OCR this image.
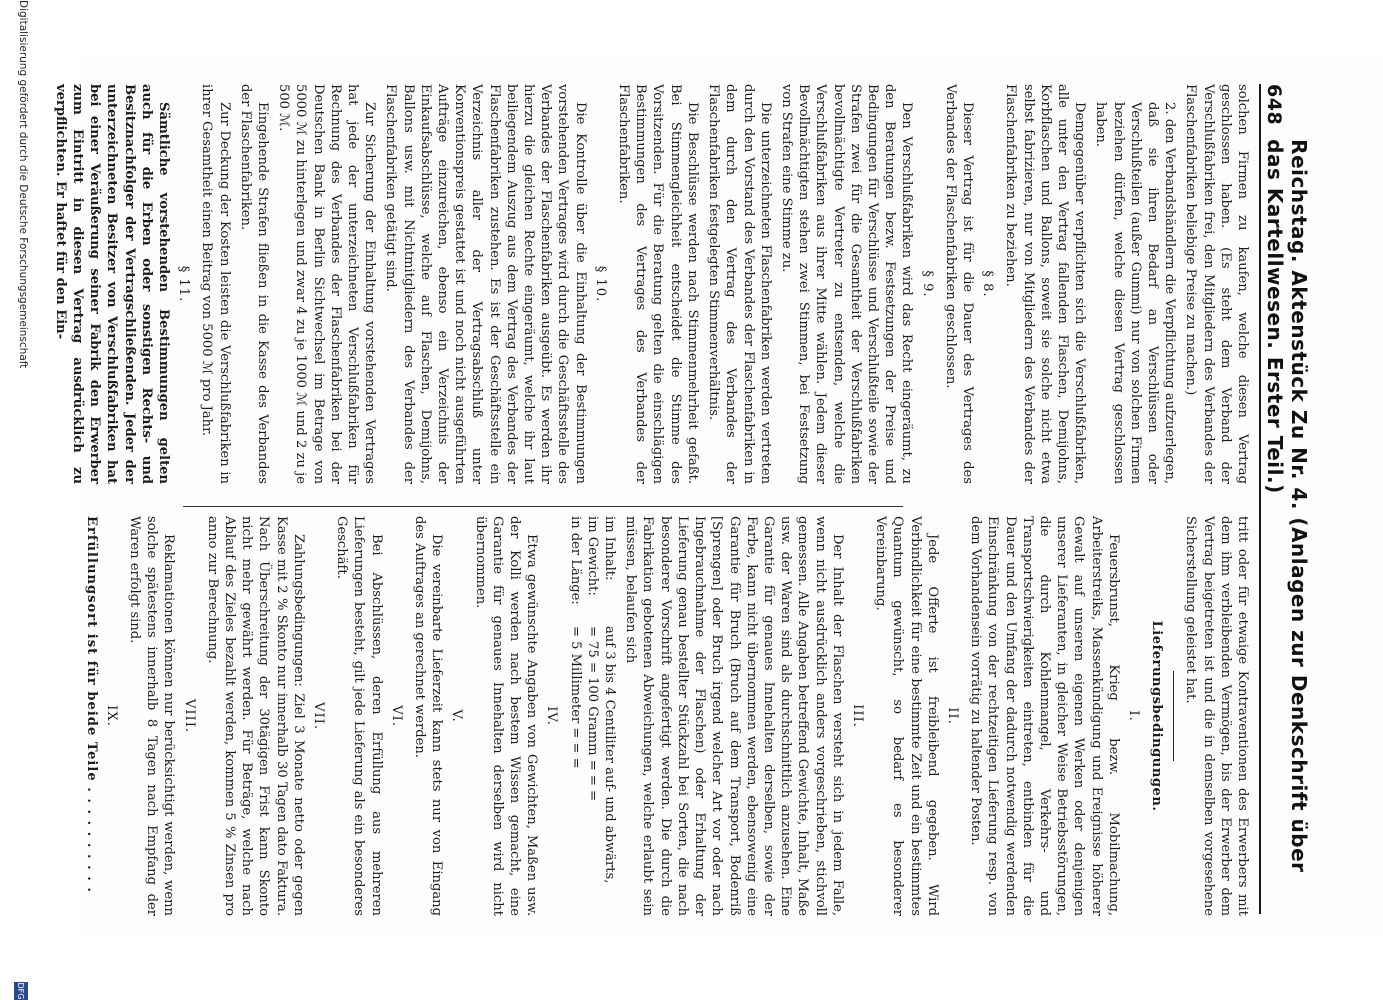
648
Reichstag. Aktenstück Zu Nr. 4. (Anlagen zur Denkschrift über das Kartellwesen. Erster Teil.)

solchen Firmen zu kaufen, welche diesen Vertrag geschlossen haben. (Es steht dem Verband der Verschlußfabriken frei, den Mitgliedern des Verbandes der Flaschenfabriken beliebige Preise zu machen.)

2. den Verbandshändlern die Verpflichtung aufzuerlegen, daß sie ihren Bedarf an Verschlüssen oder Verschlußteilen (außer Gummi) nur von solchen Firmen beziehen dürfen, welche diesen Vertrag geschlossen haben.

Demgegenüber verpflichten sich die Verschlußfabriken, alle unter den Vertrag fallenden Flaschen, Demijohns, Korbflaschen und Ballons, soweit sie solche nicht etwa selbst fabrizieren, nur von Mitgliedern des Verbandes der Flaschenfabriken zu beziehen.

§ 8.

Dieser Vertrag ist für die Dauer des Vertrages des Verbandes der Flaschenfabriken geschlossen.

§ 9.

Den Verschlußfabriken wird das Recht eingeräumt, zu den Beratungen bezw. Festsetzungen der Preise und Bedingungen für Verschlüsse und Verschlußteile sowie der Strafen zwei für die Gesamtheit der Verschlußfabriken bevollmächtigte Vertreter zu entsenden, welche die Verschlußfabriken aus ihrer Mitte wählen. Jedem dieser Bevollmächtigten stehen zwei Stimmen, bei Festsetzung von Strafen eine Stimme zu.

Die unterzeichneten Flaschenfabriken werden vertreten durch den Vorstand des Verbandes der Flaschenfabriken in dem durch den Vertrag des Verbandes der Flaschenfabriken festgelegten Stimmenverhältnis.

Die Beschlüsse werden nach Stimmenmehrheit gefaßt. Bei Stimmengleichheit entscheidet die Stimme des Vorsitzenden. Für die Beratung gelten die einschlägigen Bestimmungen des Vertrages des Verbandes der Flaschenfabriken.

§ 10.

Die Kontrolle über die Einhaltung der Bestimmungen vorstehenden Vertrages wird durch die Geschäftsstelle des Verbandes der Flaschenfabriken ausgeübt. Es werden ihr hierzu die gleichen Rechte eingeräumt, welche ihr laut beiliegendem Auszug aus dem Vertrag des Verbandes der Flaschenfabriken zustehen. Es ist der Geschäftsstelle ein Verzeichnis aller der Vertragsabschluß unter Konventionspreis gestattet ist und noch nicht ausgeführten Aufträge einzureichen, ebenso ein Verzeichnis der Einkaufsabschlüsse, welche auf Flaschen, Demijohns, Ballons usw. mit Nichtmitgliedern des Verbandes der Flaschenfabriken getätigt sind.

Zur Sicherung der Einhaltung vorstehenden Vertrages hat jede der unterzeichneten Verschlußfabriken für Rechnung des Verbandes der Flaschenfabriken bei der Deutschen Bank in Berlin Sichtwechsel im Betrage von 5000 ℳ zu hinterlegen und zwar 4 zu je 1000 ℳ und 2 zu je 500 ℳ.

Eingehende Strafen fließen in die Kasse des Verbandes der Flaschenfabriken.

Zur Deckung der Kosten leisten die Verschlußfabriken in ihrer Gesamtheit einen Beitrag von 5000 ℳ pro Jahr.

§ 11.

Sämtliche vorstehenden Bestimmungen gelten auch für die Erben oder sonstigen Rechts- und Besitznachfolger der Vertragschließenden. Jeder der unterzeichneten Besitzer von Verschlußfabriken hat bei einer Veräußerung seiner Fabrik den Erwerber zum Eintritt in diesen Vertrag ausdrücklich zu verpflichten. Er haftet für den Ein-

tritt oder für etwaige Kontraventionen des Erwerbers mit dem ihm verbleibenden Vermögen, bis der Erwerber dem Vertrag beigetreten ist und die in demselben vorgesehene Sicherstellung geleistet hat.

Lieferungsbedingungen.
I.

Feuersbrunst, Krieg bezw. Mobilmachung, Arbeiterstreiks, Massenkündigung und Ereignisse höherer Gewalt auf unseren eigenen Werken oder denjenigen unserer Lieferanten, in gleicher Weise Betriebsstörungen, die durch Kohlenmangel, Verkehrs- und Transportschwierigkeiten eintreten, entbinden für die Dauer und den Umfang der dadurch notwendig werdenden Einschränkung von der rechtzeitigen Lieferung resp. von dem Vorhandensein vorrätig zu haltender Posten.

II.

Jede Offerte ist freibleibend gegeben. Wird Verbindlichkeit für eine bestimmte Zeit und ein bestimmtes Quantum gewünscht, so bedarf es besonderer Vereinbarung.

III.

Der Inhalt der Flaschen versteht sich in jedem Falle, wenn nicht ausdrücklich anders vorgeschrieben, stichvoll gemessen. Alle Angaben betreffend Gewichte, Inhalt, Maße usw. der Waren sind als durchschnittlich anzusehen. Eine Garantie für genaues Innehalten derselben, sowie der Farbe, kann nicht übernommen werden, ebensowenig eine Garantie für Bruch (Bruch auf dem Transport, Bodenriß [Sprengen] oder Bruch irgend welcher Art vor oder nach Ingebrauchnahme der Flaschen) oder Erhaltung der Lieferung genau bestellter Stückzahl bei Sorten, die nach besonderer Vorschrift angefertigt werden. Die durch die Fabrikation gebotenen Abweichungen, welche erlaubt sein müssen, belaufen sich

im Inhalt:
auf 3 bis 4 Centiliter auf- und abwärts,
im Gewicht:
= 75 = 100 Gramm = = =
in der Länge:
= 5 Millimeter = = =
IV.

Etwa gewünschte Angaben von Gewichten, Maßen usw. der Kolli werden nach bestem Wissen gemacht, eine Garantie für genaues Innehalten derselben wird nicht übernommen.

V.

Die vereinbarte Lieferzeit kann stets nur von Eingang des Auftrages an gerechnet werden.

VI.

Bei Abschlüssen, deren Erfüllung aus mehreren Lieferungen besteht, gilt jede Lieferung als ein besonderes Geschäft.

VII.

Zahlungsbedingungen: Ziel 3 Monate netto oder gegen Kasse mit 2 % Skonto nur innerhalb 30 Tagen dato Faktura. Nach Überschreitung der 30tägigen Frist kann Skonto nicht mehr gewährt werden. Für Beträge, welche nach Ablauf des Zieles bezahlt werden, kommen 5 % Zinsen pro anno zur Berechnung.

VIII.

Reklamationen können nur berücksichtigt werden, wenn solche spätestens innerhalb 8 Tagen nach Empfang der Waren erfolgt sind.

IX.

Erfüllungsort ist für beide Teile . . . . . . . . . .

Digitalisierung gefördert durch die Deutsche Forschungsgemeinschaft
DFG
